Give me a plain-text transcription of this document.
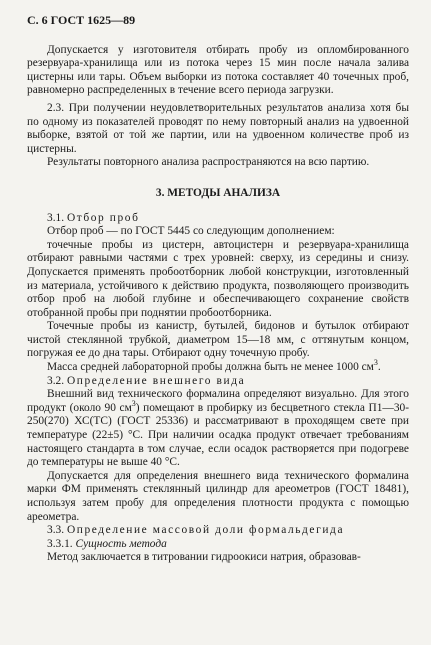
С. 6 ГОСТ 1625—89

Допускается у изготовителя отбирать пробу из опломбированного резервуара-хранилища или из потока через 15 мин после начала залива цистерны или тары. Объем выборки из потока составляет 40 точечных проб, равномерно распределенных в течение всего периода загрузки.

2.3. При получении неудовлетворительных результатов анализа хотя бы по одному из показателей проводят по нему повторный анализ на удвоенной выборке, взятой от той же партии, или на удвоенном количестве проб из цистерны.

Результаты повторного анализа распространяются на всю партию.

3. МЕТОДЫ АНАЛИЗА

3.1. Отбор проб

Отбор проб — по ГОСТ 5445 со следующим дополнением:

точечные пробы из цистерн, автоцистерн и резервуара-хранилища отбирают равными частями с трех уровней: сверху, из середины и снизу. Допускается применять пробоотборник любой конструкции, изготовленный из материала, устойчивого к действию продукта, позволяющего производить отбор проб на любой глубине и обеспечивающего сохранение свойств отобранной пробы при поднятии пробоотборника.

Точечные пробы из канистр, бутылей, бидонов и бутылок отбирают чистой стеклянной трубкой, диаметром 15—18 мм, с оттянутым концом, погружая ее до дна тары. Отбирают одну точечную пробу.

Масса средней лабораторной пробы должна быть не менее 1000 $см^3$.

3.2. Определение внешнего вида

Внешний вид технического формалина определяют визуально. Для этого продукт (около 90 $см^3$) помещают в пробирку из бесцветного стекла П1—30-250(270) ХС(ТС) (ГОСТ 25336) и рассматривают в проходящем свете при температуре (22±5) °С. При наличии осадка продукт отвечает требованиям настоящего стандарта в том случае, если осадок растворяется при подогреве до температуры не выше 40 °С.

Допускается для определения внешнего вида технического формалина марки ФМ применять стеклянный цилиндр для ареометров (ГОСТ 18481), используя затем пробу для определения плотности продукта с помощью ареометра.

3.3. Определение массовой доли формальдегида

3.3.1. Сущность метода

Метод заключается в титровании гидроокиси натрия, образовав-
